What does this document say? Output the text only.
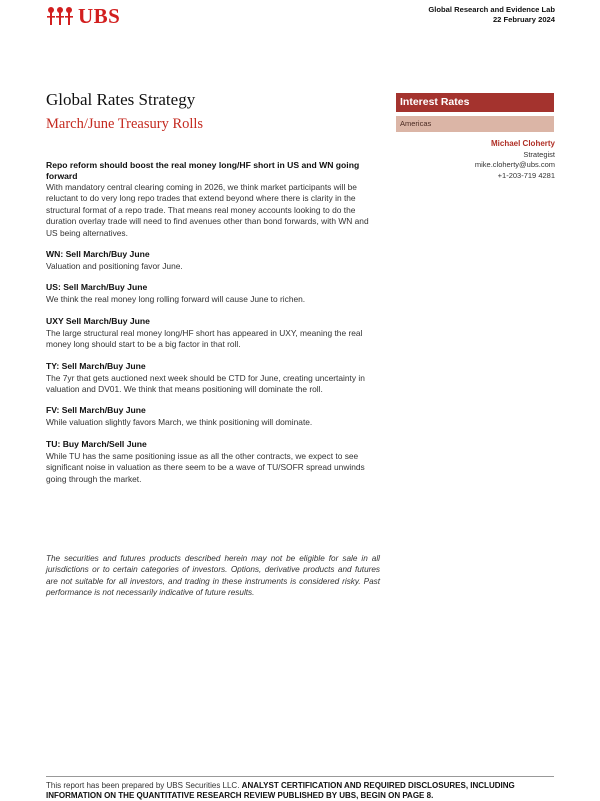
UBS	Global Research and Evidence Lab
22 February 2024
Global Rates Strategy
March/June Treasury Rolls
Interest Rates
Americas
Michael Cloherty
Strategist
mike.cloherty@ubs.com
+1-203-719 4281

Repo reform should boost the real money long/HF short in US and WN going forward

With mandatory central clearing coming in 2026, we think market participants will be reluctant to do very long repo trades that extend beyond where there is clarity in the structural format of a repo trade. That means real money accounts looking to do the duration overlay trade will need to find avenues other than bond forwards, with WN and US being alternatives.

WN: Sell March/Buy June

Valuation and positioning favor June.

US: Sell March/Buy June

We think the real money long rolling forward will cause June to richen.

UXY Sell March/Buy June

The large structural real money long/HF short has appeared in UXY, meaning the real money long should start to be a big factor in that roll.

TY: Sell March/Buy June

The 7yr that gets auctioned next week should be CTD for June, creating uncertainty in valuation and DV01. We think that means positioning will dominate the roll.

FV: Sell March/Buy June

While valuation slightly favors March, we think positioning will dominate.

TU: Buy March/Sell June

While TU has the same positioning issue as all the other contracts, we expect to see significant noise in valuation as there seem to be a wave of TU/SOFR spread unwinds going through the market.

The securities and futures products described herein may not be eligible for sale in all jurisdictions or to certain categories of investors. Options, derivative products and futures are not suitable for all investors, and trading in these instruments is considered risky. Past performance is not necessarily indicative of future results.
This report has been prepared by UBS Securities LLC. ANALYST CERTIFICATION AND REQUIRED DISCLOSURES, INCLUDING INFORMATION ON THE QUANTITATIVE RESEARCH REVIEW PUBLISHED BY UBS, BEGIN ON PAGE 8.
